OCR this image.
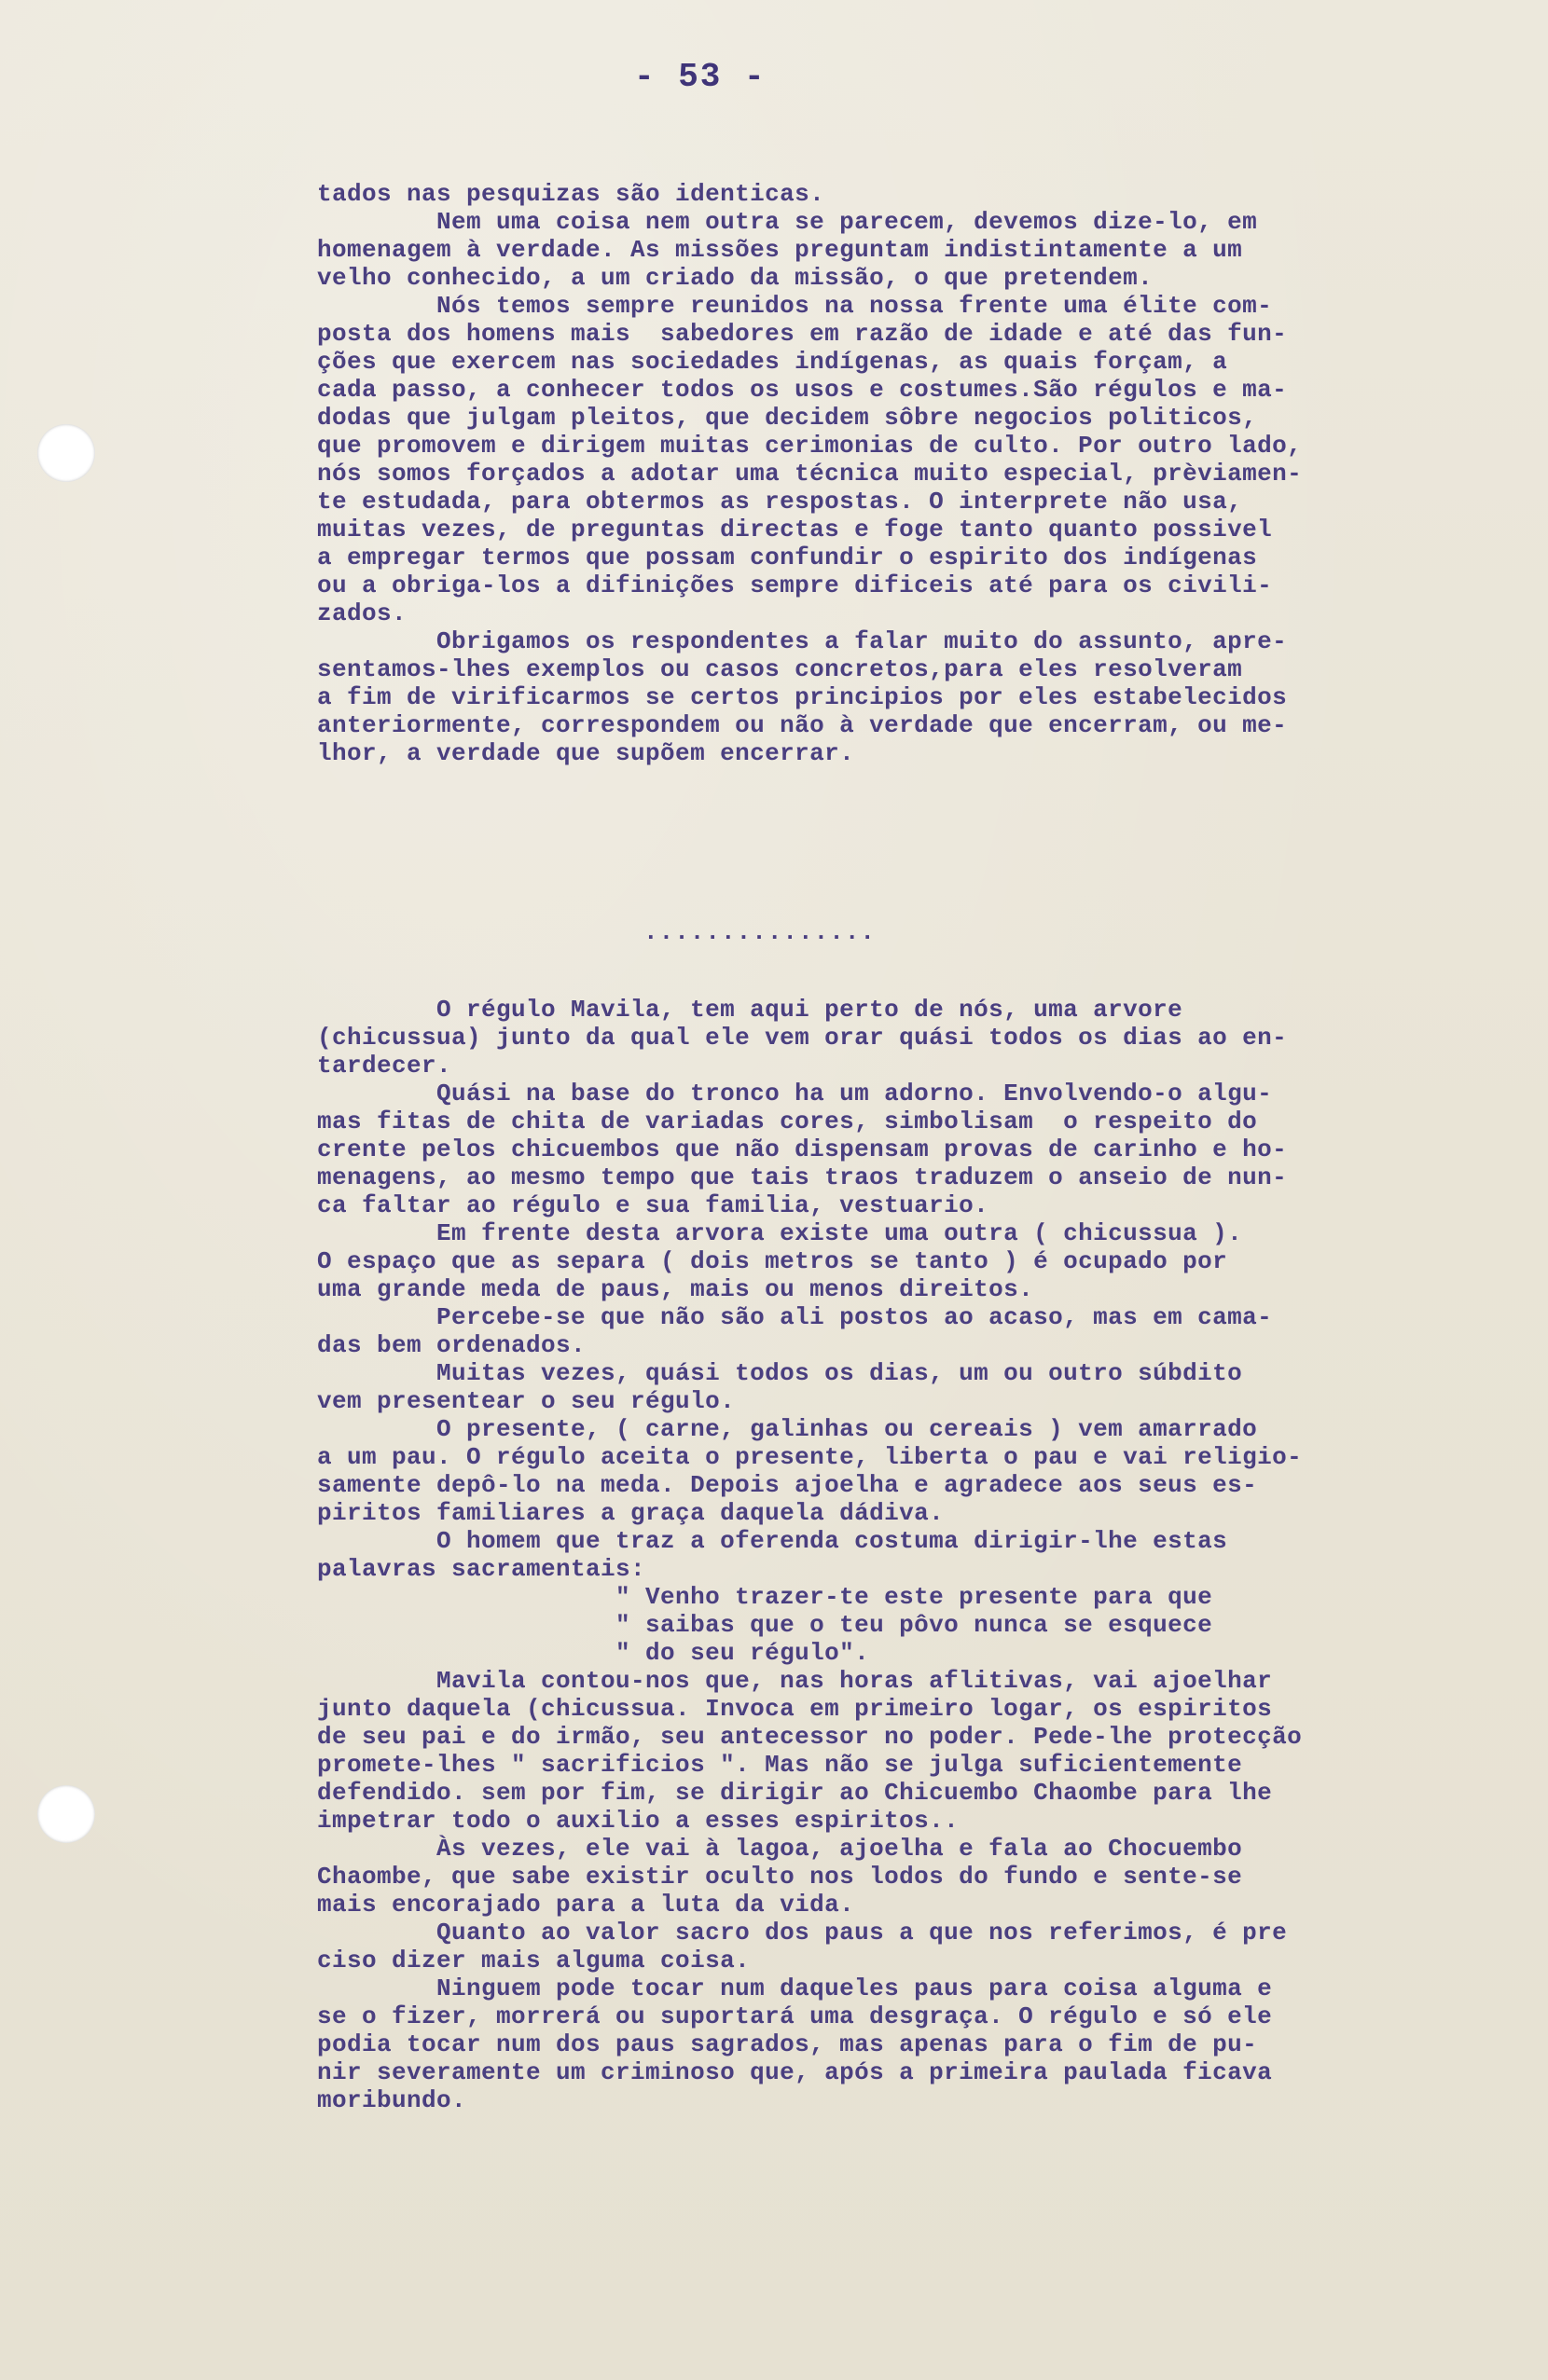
- 53 -
tados nas pesquizas são identicas.
Nem uma coisa nem outra se parecem, devemos dize-lo, em
homenagem à verdade. As missões preguntam indistintamente a um
velho conhecido, a um criado da missão, o que pretendem.
Nós temos sempre reunidos na nossa frente uma élite com-
posta dos homens mais  sabedores em razão de idade e até das fun-
ções que exercem nas sociedades indígenas, as quais forçam, a
cada passo, a conhecer todos os usos e costumes.São régulos e ma-
dodas que julgam pleitos, que decidem sôbre negocios politicos,
que promovem e dirigem muitas cerimonias de culto. Por outro lado,
nós somos forçados a adotar uma técnica muito especial, prèviamen-
te estudada, para obtermos as respostas. O interprete não usa,
muitas vezes, de preguntas directas e foge tanto quanto possivel
a empregar termos que possam confundir o espirito dos indígenas
ou a obriga-los a difinições sempre dificeis até para os civili-
zados.
Obrigamos os respondentes a falar muito do assunto, apre-
sentamos-lhes exemplos ou casos concretos,para eles resolveram
a fim de virificarmos se certos principios por eles estabelecidos
anteriormente, correspondem ou não à verdade que encerram, ou me-
lhor, a verdade que supõem encerrar.
...............
O régulo Mavila, tem aqui perto de nós, uma arvore
(chicussua) junto da qual ele vem orar quási todos os dias ao en-
tardecer.
Quási na base do tronco ha um adorno. Envolvendo-o algu-
mas fitas de chita de variadas cores, simbolisam  o respeito do
crente pelos chicuembos que não dispensam provas de carinho e ho-
menagens, ao mesmo tempo que tais traos traduzem o anseio de nun-
ca faltar ao régulo e sua familia, vestuario.
Em frente desta arvora existe uma outra ( chicussua ).
O espaço que as separa ( dois metros se tanto ) é ocupado por
uma grande meda de paus, mais ou menos direitos.
Percebe-se que não são ali postos ao acaso, mas em cama-
das bem ordenados.
Muitas vezes, quási todos os dias, um ou outro súbdito
vem presentear o seu régulo.
O presente, ( carne, galinhas ou cereais ) vem amarrado
a um pau. O régulo aceita o presente, liberta o pau e vai religio-
samente depô-lo na meda. Depois ajoelha e agradece aos seus es-
piritos familiares a graça daquela dádiva.
O homem que traz a oferenda costuma dirigir-lhe estas
palavras sacramentais:
" Venho trazer-te este presente para que
" saibas que o teu pôvo nunca se esquece
" do seu régulo".
Mavila contou-nos que, nas horas aflitivas, vai ajoelhar
junto daquela (chicussua. Invoca em primeiro logar, os espiritos
de seu pai e do irmão, seu antecessor no poder. Pede-lhe protecção
promete-lhes " sacrificios ". Mas não se julga suficientemente
defendido. sem por fim, se dirigir ao Chicuembo Chaombe para lhe
impetrar todo o auxilio a esses espiritos..
Às vezes, ele vai à lagoa, ajoelha e fala ao Chocuembo
Chaombe, que sabe existir oculto nos lodos do fundo e sente-se
mais encorajado para a luta da vida.
Quanto ao valor sacro dos paus a que nos referimos, é pre
ciso dizer mais alguma coisa.
Ninguem pode tocar num daqueles paus para coisa alguma e
se o fizer, morrerá ou suportará uma desgraça. O régulo e só ele
podia tocar num dos paus sagrados, mas apenas para o fim de pu-
nir severamente um criminoso que, após a primeira paulada ficava
moribundo.
